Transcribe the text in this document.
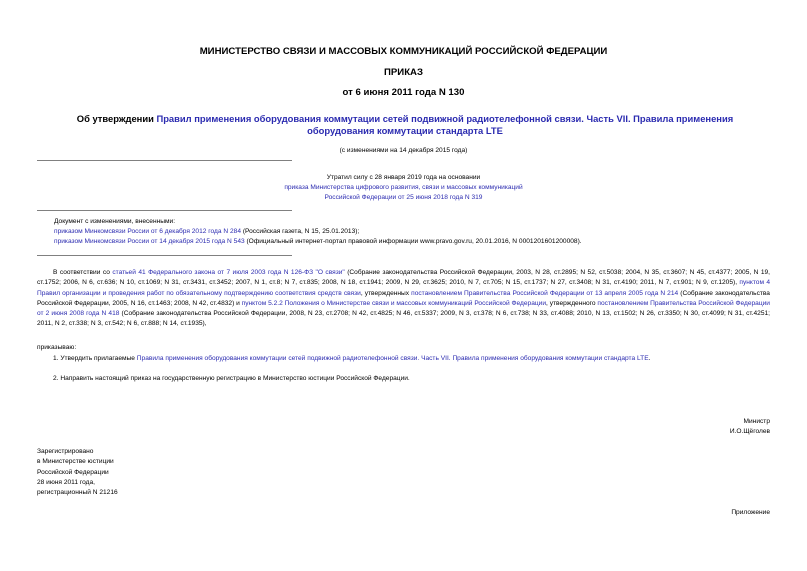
МИНИСТЕРСТВО СВЯЗИ И МАССОВЫХ КОММУНИКАЦИЙ РОССИЙСКОЙ ФЕДЕРАЦИИ
ПРИКАЗ
от 6 июня 2011 года N 130
Об утверждении Правил применения оборудования коммутации сетей подвижной радиотелефонной связи. Часть VII. Правила применения оборудования коммутации стандарта LTE
(с изменениями на 14 декабря 2015 года)
Утратил силу с 28 января 2019 года на основании
приказа Министерства цифрового развития, связи и массовых коммуникаций
Российской Федерации от 25 июня 2018 года N 319
Документ с изменениями, внесенными:
приказом Минкомсвязи России от 6 декабря 2012 года N 284 (Российская газета, N 15, 25.01.2013);
приказом Минкомсвязи России от 14 декабря 2015 года N 543 (Официальный интернет-портал правовой информации www.pravo.gov.ru, 20.01.2016, N 0001201601200008).
В соответствии со статьей 41 Федерального закона от 7 июля 2003 года N 126-ФЗ "О связи" (Собрание законодательства Российской Федерации, 2003, N 28, ст.2895; N 52, ст.5038; 2004, N 35, ст.3607; N 45, ст.4377; 2005, N 19, ст.1752; 2006, N 6, ст.636; N 10, ст.1069; N 31, ст.3431, ст.3452; 2007, N 1, ст.8; N 7, ст.835; 2008, N 18, ст.1941; 2009, N 29, ст.3625; 2010, N 7, ст.705; N 15, ст.1737; N 27, ст.3408; N 31, ст.4190; 2011, N 7, ст.901; N 9, ст.1205), пунктом 4 Правил организации и проведения работ по обязательному подтверждению соответствия средств связи, утвержденных постановлением Правительства Российской Федерации от 13 апреля 2005 года N 214 (Собрание законодательства Российской Федерации, 2005, N 16, ст.1463; 2008, N 42, ст.4832) и пунктом 5.2.2 Положения о Министерстве связи и массовых коммуникаций Российской Федерации, утвержденного постановлением Правительства Российской Федерации от 2 июня 2008 года N 418 (Собрание законодательства Российской Федерации, 2008, N 23, ст.2708; N 42, ст.4825; N 46, ст.5337; 2009, N 3, ст.378; N 6, ст.738; N 33, ст.4088; 2010, N 13, ст.1502; N 26, ст.3350; N 30, ст.4099; N 31, ст.4251; 2011, N 2, ст.338; N 3, ст.542; N 6, ст.888; N 14, ст.1935),
приказываю:
1. Утвердить прилагаемые Правила применения оборудования коммутации сетей подвижной радиотелефонной связи. Часть VII. Правила применения оборудования коммутации стандарта LTE.
2. Направить настоящий приказ на государственную регистрацию в Министерство юстиции Российской Федерации.
Министр
И.О.Щёголев
Зарегистрировано
в Министерстве юстиции
Российской Федерации
28 июня 2011 года,
регистрационный N 21216
Приложение
